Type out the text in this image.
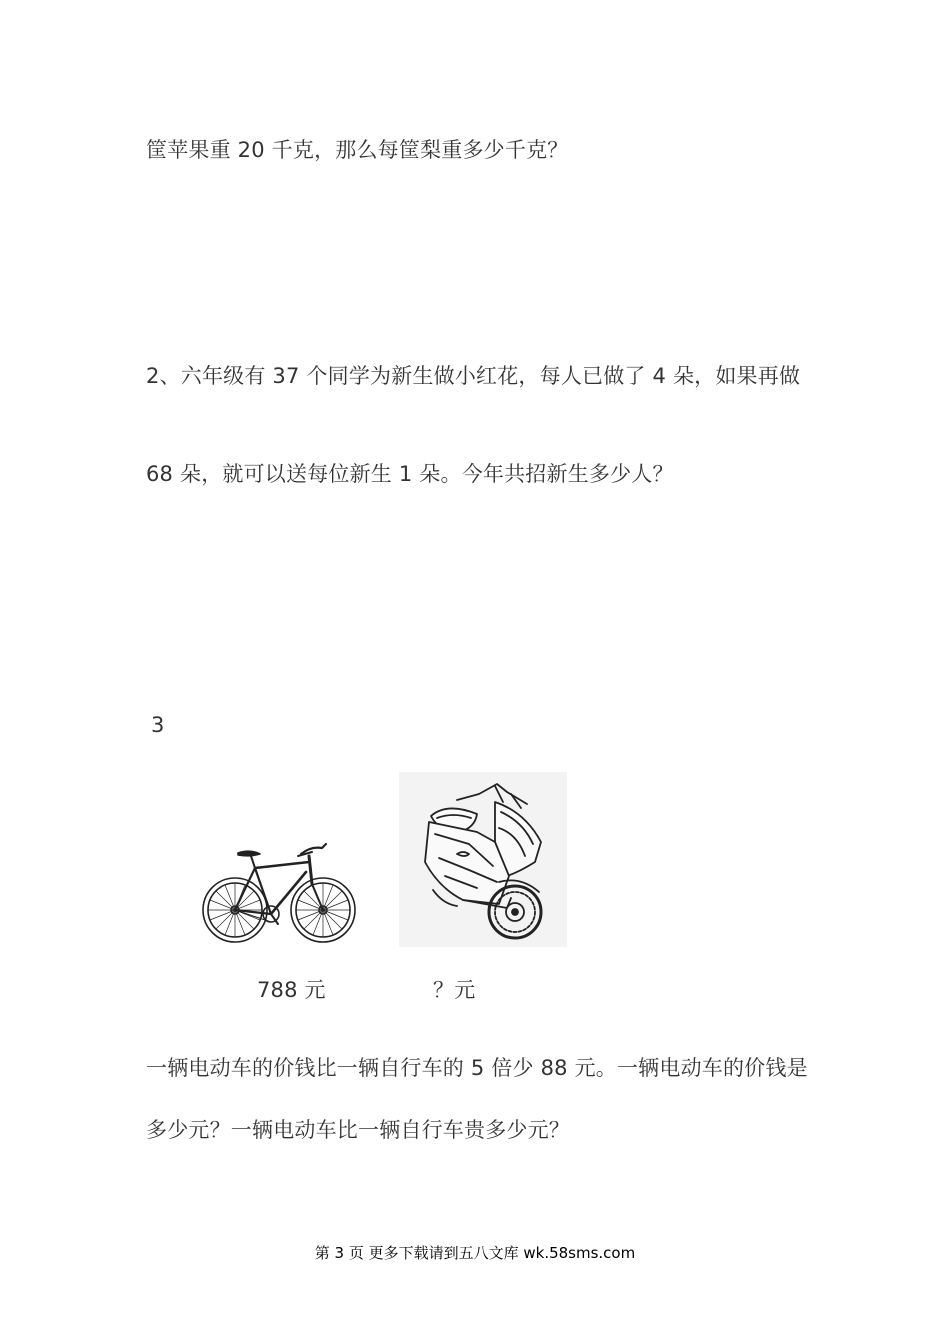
筐苹果重 20 千克，那么每筐梨重多少千克？
2、六年级有 37 个同学为新生做小红花，每人已做了 4 朵，如果再做
68 朵，就可以送每位新生 1 朵。今年共招新生多少人？
3
788 元	？元
一辆电动车的价钱比一辆自行车的 5 倍少 88 元。一辆电动车的价钱是
多少元？一辆电动车比一辆自行车贵多少元？
第 3 页 更多下载请到五八文库 wk.58sms.com
